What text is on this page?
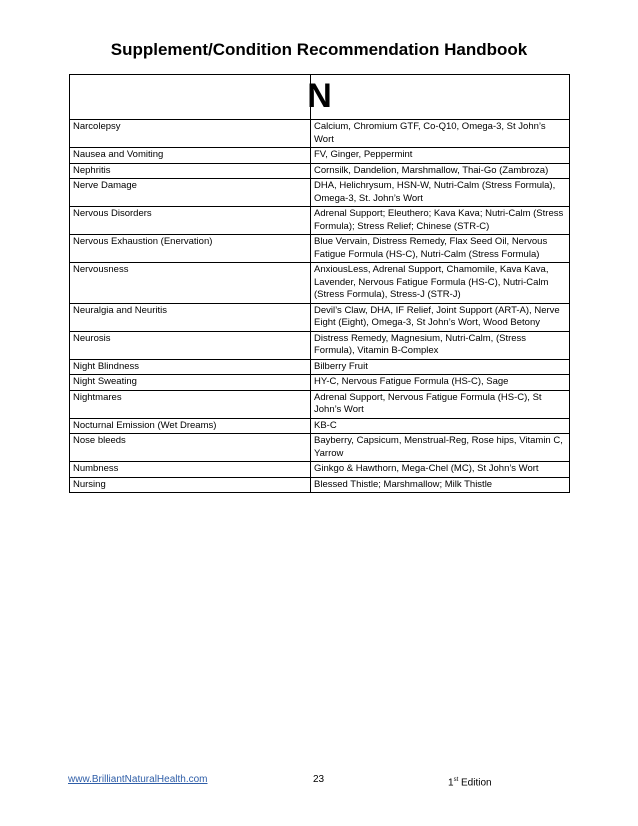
Supplement/Condition Recommendation Handbook

Narcolepsy	Calcium, Chromium GTF, Co-Q10, Omega-3, St John’s Wort
Nausea and Vomiting	FV, Ginger, Peppermint
Nephritis	Cornsilk, Dandelion, Marshmallow, Thai-Go (Zambroza)
Nerve Damage	DHA, Helichrysum, HSN-W, Nutri-Calm (Stress Formula), Omega-3, St. John’s Wort
Nervous Disorders	Adrenal Support; Eleuthero; Kava Kava; Nutri-Calm (Stress Formula); Stress Relief; Chinese (STR-C)
Nervous Exhaustion (Enervation)	Blue Vervain, Distress Remedy, Flax Seed Oil, Nervous Fatigue Formula (HS-C), Nutri-Calm (Stress Formula)
Nervousness	AnxiousLess, Adrenal Support, Chamomile, Kava Kava, Lavender, Nervous Fatigue Formula (HS-C), Nutri-Calm (Stress Formula), Stress-J (STR-J)
Neuralgia and Neuritis	Devil’s Claw, DHA, IF Relief, Joint Support (ART-A), Nerve Eight (Eight), Omega-3, St John’s Wort, Wood Betony
Neurosis	Distress Remedy, Magnesium, Nutri-Calm, (Stress Formula), Vitamin B-Complex
Night Blindness	Bilberry Fruit
Night Sweating	HY-C, Nervous Fatigue Formula (HS-C), Sage
Nightmares	Adrenal Support, Nervous Fatigue Formula (HS-C), St John’s Wort
Nocturnal Emission (Wet Dreams)	KB-C
Nose bleeds	Bayberry, Capsicum, Menstrual-Reg, Rose hips, Vitamin C, Yarrow
Numbness	Ginkgo & Hawthorn, Mega-Chel (MC), St John’s Wort
Nursing	Blessed Thistle; Marshmallow; Milk Thistle
N
www.BrilliantNaturalHealth.com	23	1st Edition
